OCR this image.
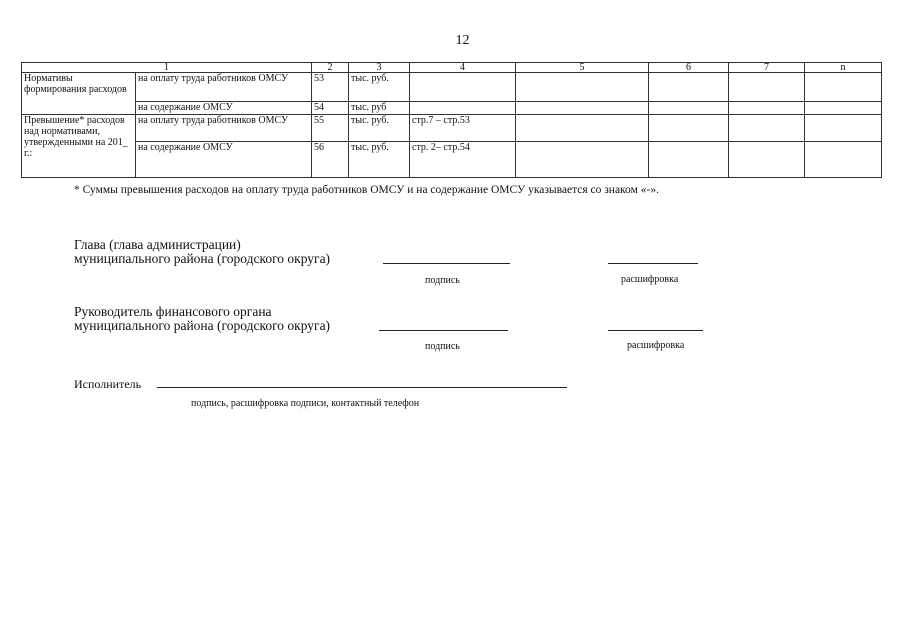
12
1		2	3	4	5	6	7	n
Нормативы формирования расходов	на оплату труда работников ОМСУ	53	тыс. руб.					
	на содержание ОМСУ	54	тыс. руб					
Превышение* расходов над нормативами, утвержденными на 201_ г.:	на оплату труда работников ОМСУ	55	тыс. руб.	стр.7 – стр.53				
	на содержание ОМСУ	56	тыс. руб.	стр. 2– стр.54				
* Суммы превышения расходов на оплату труда работников ОМСУ и на содержание ОМСУ указывается со знаком «-».
Глава (глава администрации)
муниципального района (городского округа)
подпись	расшифровка
Руководитель финансового органа
муниципального района (городского округа)
подпись	расшифровка
Исполнитель
подпись, расшифровка подписи, контактный телефон
